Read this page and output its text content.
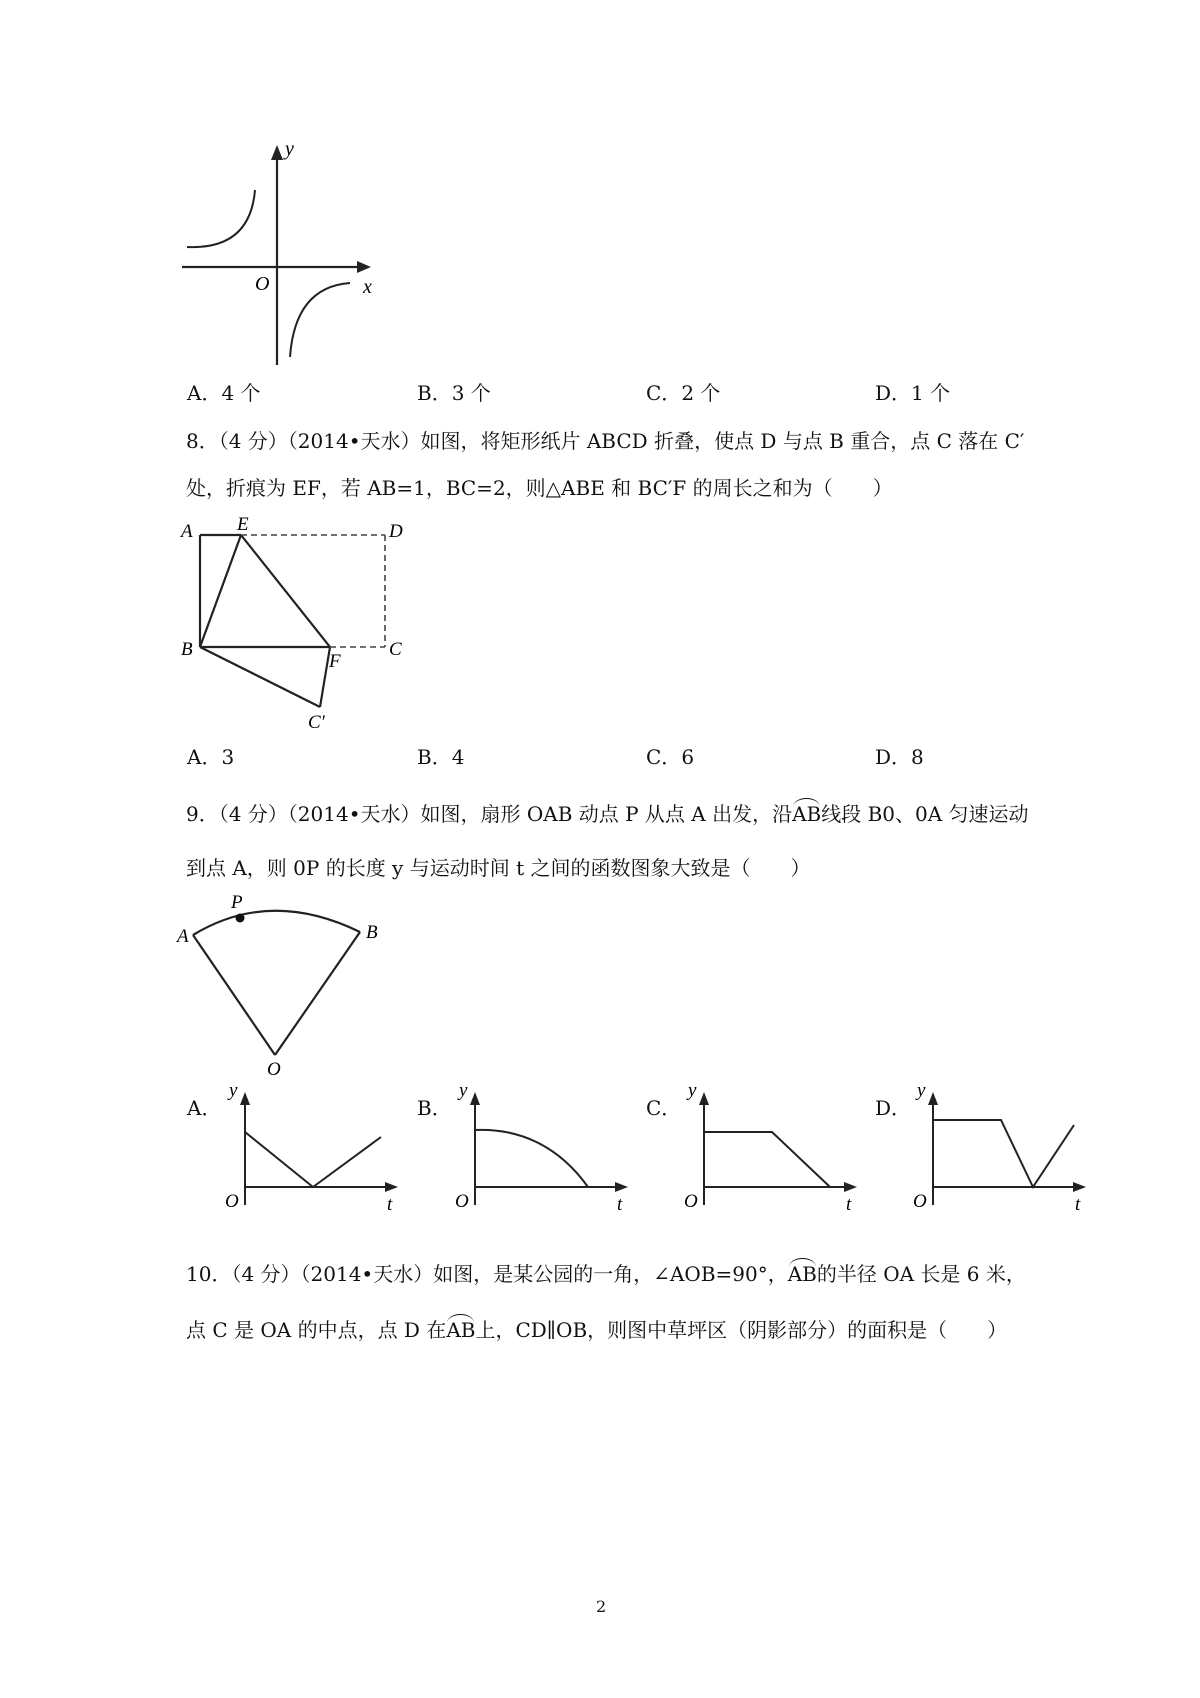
y
x
O
A．4 个	B．3 个	C．2 个	D．1 个
8．（4 分）（2014•天水）如图，将矩形纸片 ABCD 折叠，使点 D 与点 B 重合，点 C 落在 C′
处，折痕为 EF，若 AB=1，BC=2，则△ABE 和 BC′F 的周长之和为（　　）
A E	D
B
F
C
C′
A．3	B．4	C．6	D．8
9．（4 分）（2014•天水）如图，扇形 OAB 动点 P 从点 A 出发，沿AB线段 B0、0A 匀速运动
到点 A，则 0P 的长度 y 与运动时间 t 之间的函数图象大致是（　　）
A
P
B
O
A．
y
t
O
B．
y
t
O
C．
y
t
O
D．
y
t
O
10．（4 分）（2014•天水）如图，是某公园的一角，∠AOB=90°，AB的半径 OA 长是 6 米，
点 C 是 OA 的中点，点 D 在AB上，CD∥OB，则图中草坪区（阴影部分）的面积是（　　）
2
